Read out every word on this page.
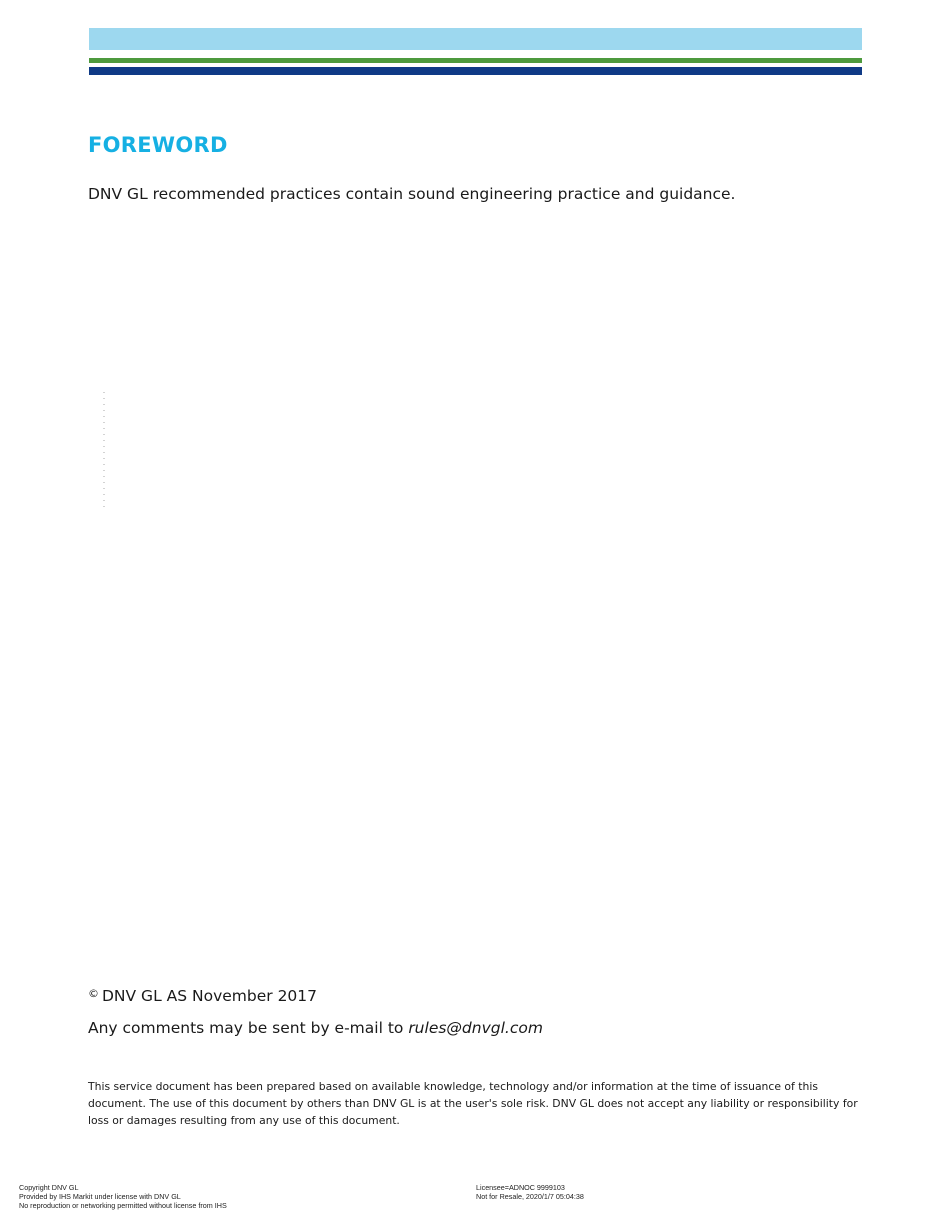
FOREWORD

DNV GL recommended practices contain sound engineering practice and guidance.

© DNV GL AS November 2017

Any comments may be sent by e-mail to rules@dnvgl.com

This service document has been prepared based on available knowledge, technology and/or information at the time of issuance of this document. The use of this document by others than DNV GL is at the user's sole risk. DNV GL does not accept any liability or responsibility for loss or damages resulting from any use of this document.

Copyright DNV GL
Provided by IHS Markit under license with DNV GL
No reproduction or networking permitted without license from IHS
Licensee=ADNOC 9999103
Not for Resale, 2020/1/7 05:04:38
